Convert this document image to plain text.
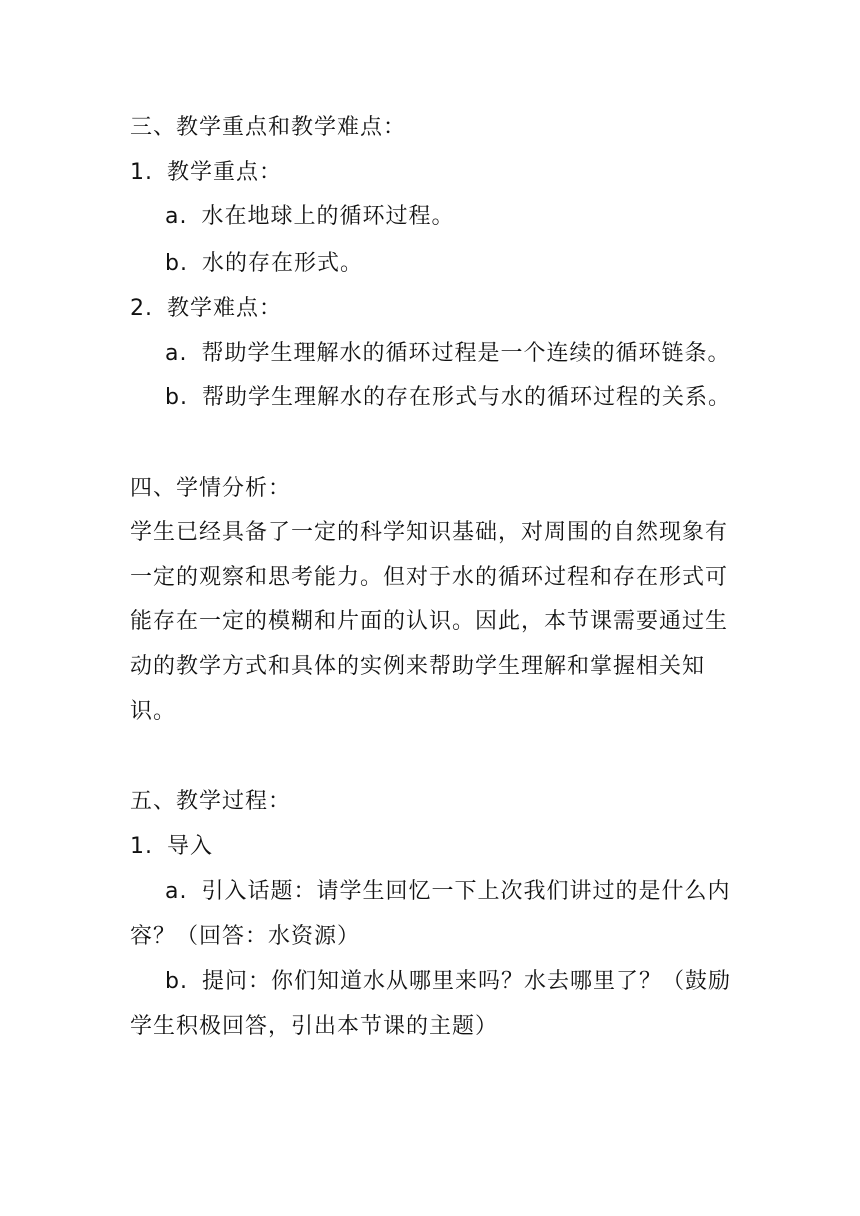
三、教学重点和教学难点：
1. 教学重点：
a. 水在地球上的循环过程。
b. 水的存在形式。
2. 教学难点：
a. 帮助学生理解水的循环过程是一个连续的循环链条。
b. 帮助学生理解水的存在形式与水的循环过程的关系。
四、学情分析：
学生已经具备了一定的科学知识基础，对周围的自然现象有
一定的观察和思考能力。但对于水的循环过程和存在形式可
能存在一定的模糊和片面的认识。因此，本节课需要通过生
动的教学方式和具体的实例来帮助学生理解和掌握相关知
识。
五、教学过程：
1. 导入
a. 引入话题：请学生回忆一下上次我们讲过的是什么内
容？（回答：水资源）
b. 提问：你们知道水从哪里来吗？水去哪里了？（鼓励
学生积极回答，引出本节课的主题）
